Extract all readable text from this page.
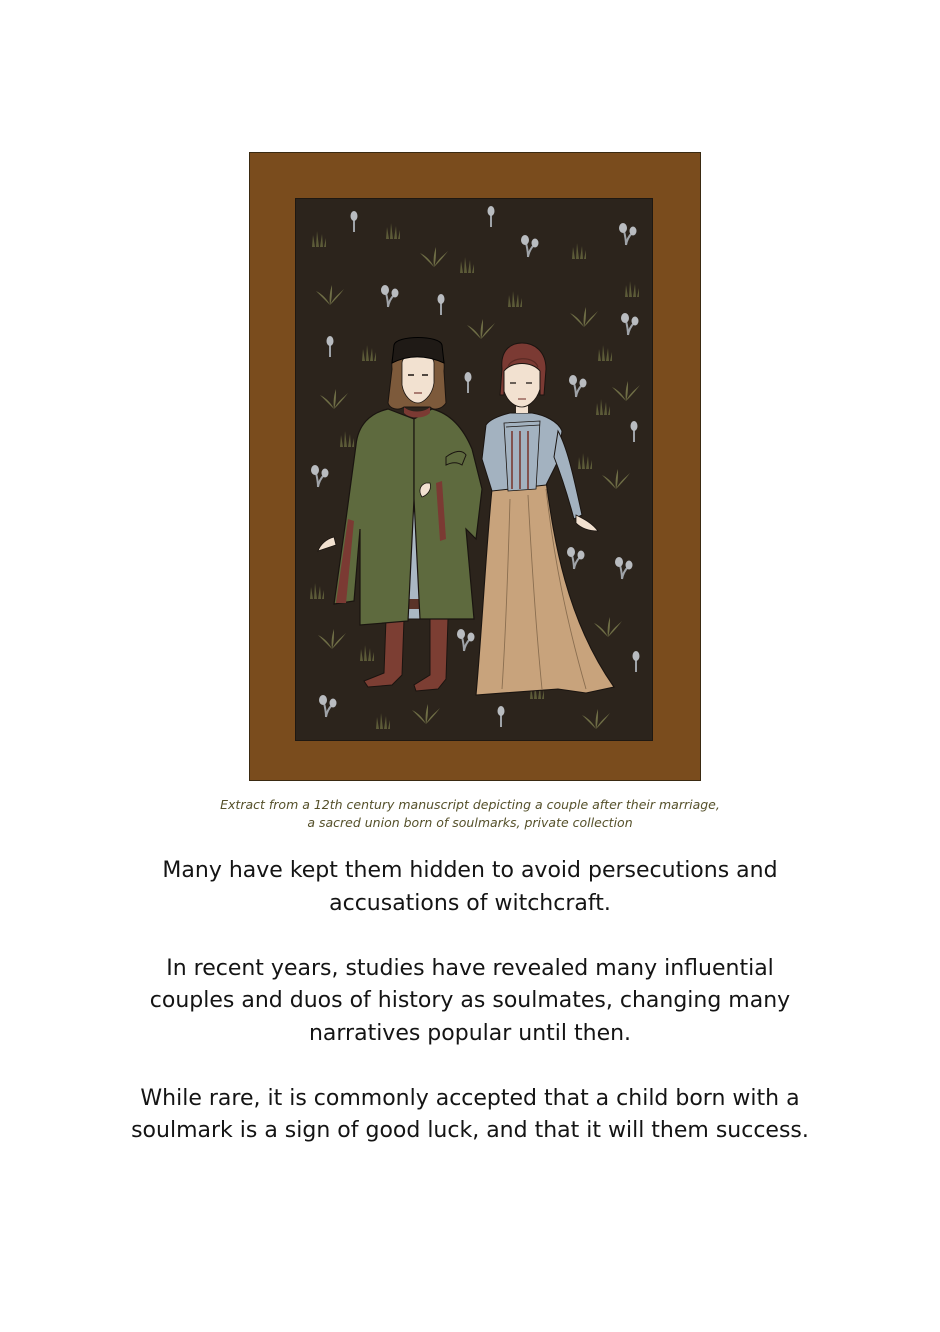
Extract from a 12th century manuscript depicting a couple after their marriage,
a sacred union born of soulmarks, private collection
Many have kept them hidden to avoid persecutions and
accusations of witchcraft.
In recent years, studies have revealed many influential
couples and duos of history as soulmates, changing many
narratives popular until then.
While rare, it is commonly accepted that a child born with a
soulmark is a sign of good luck, and that it will them success.
